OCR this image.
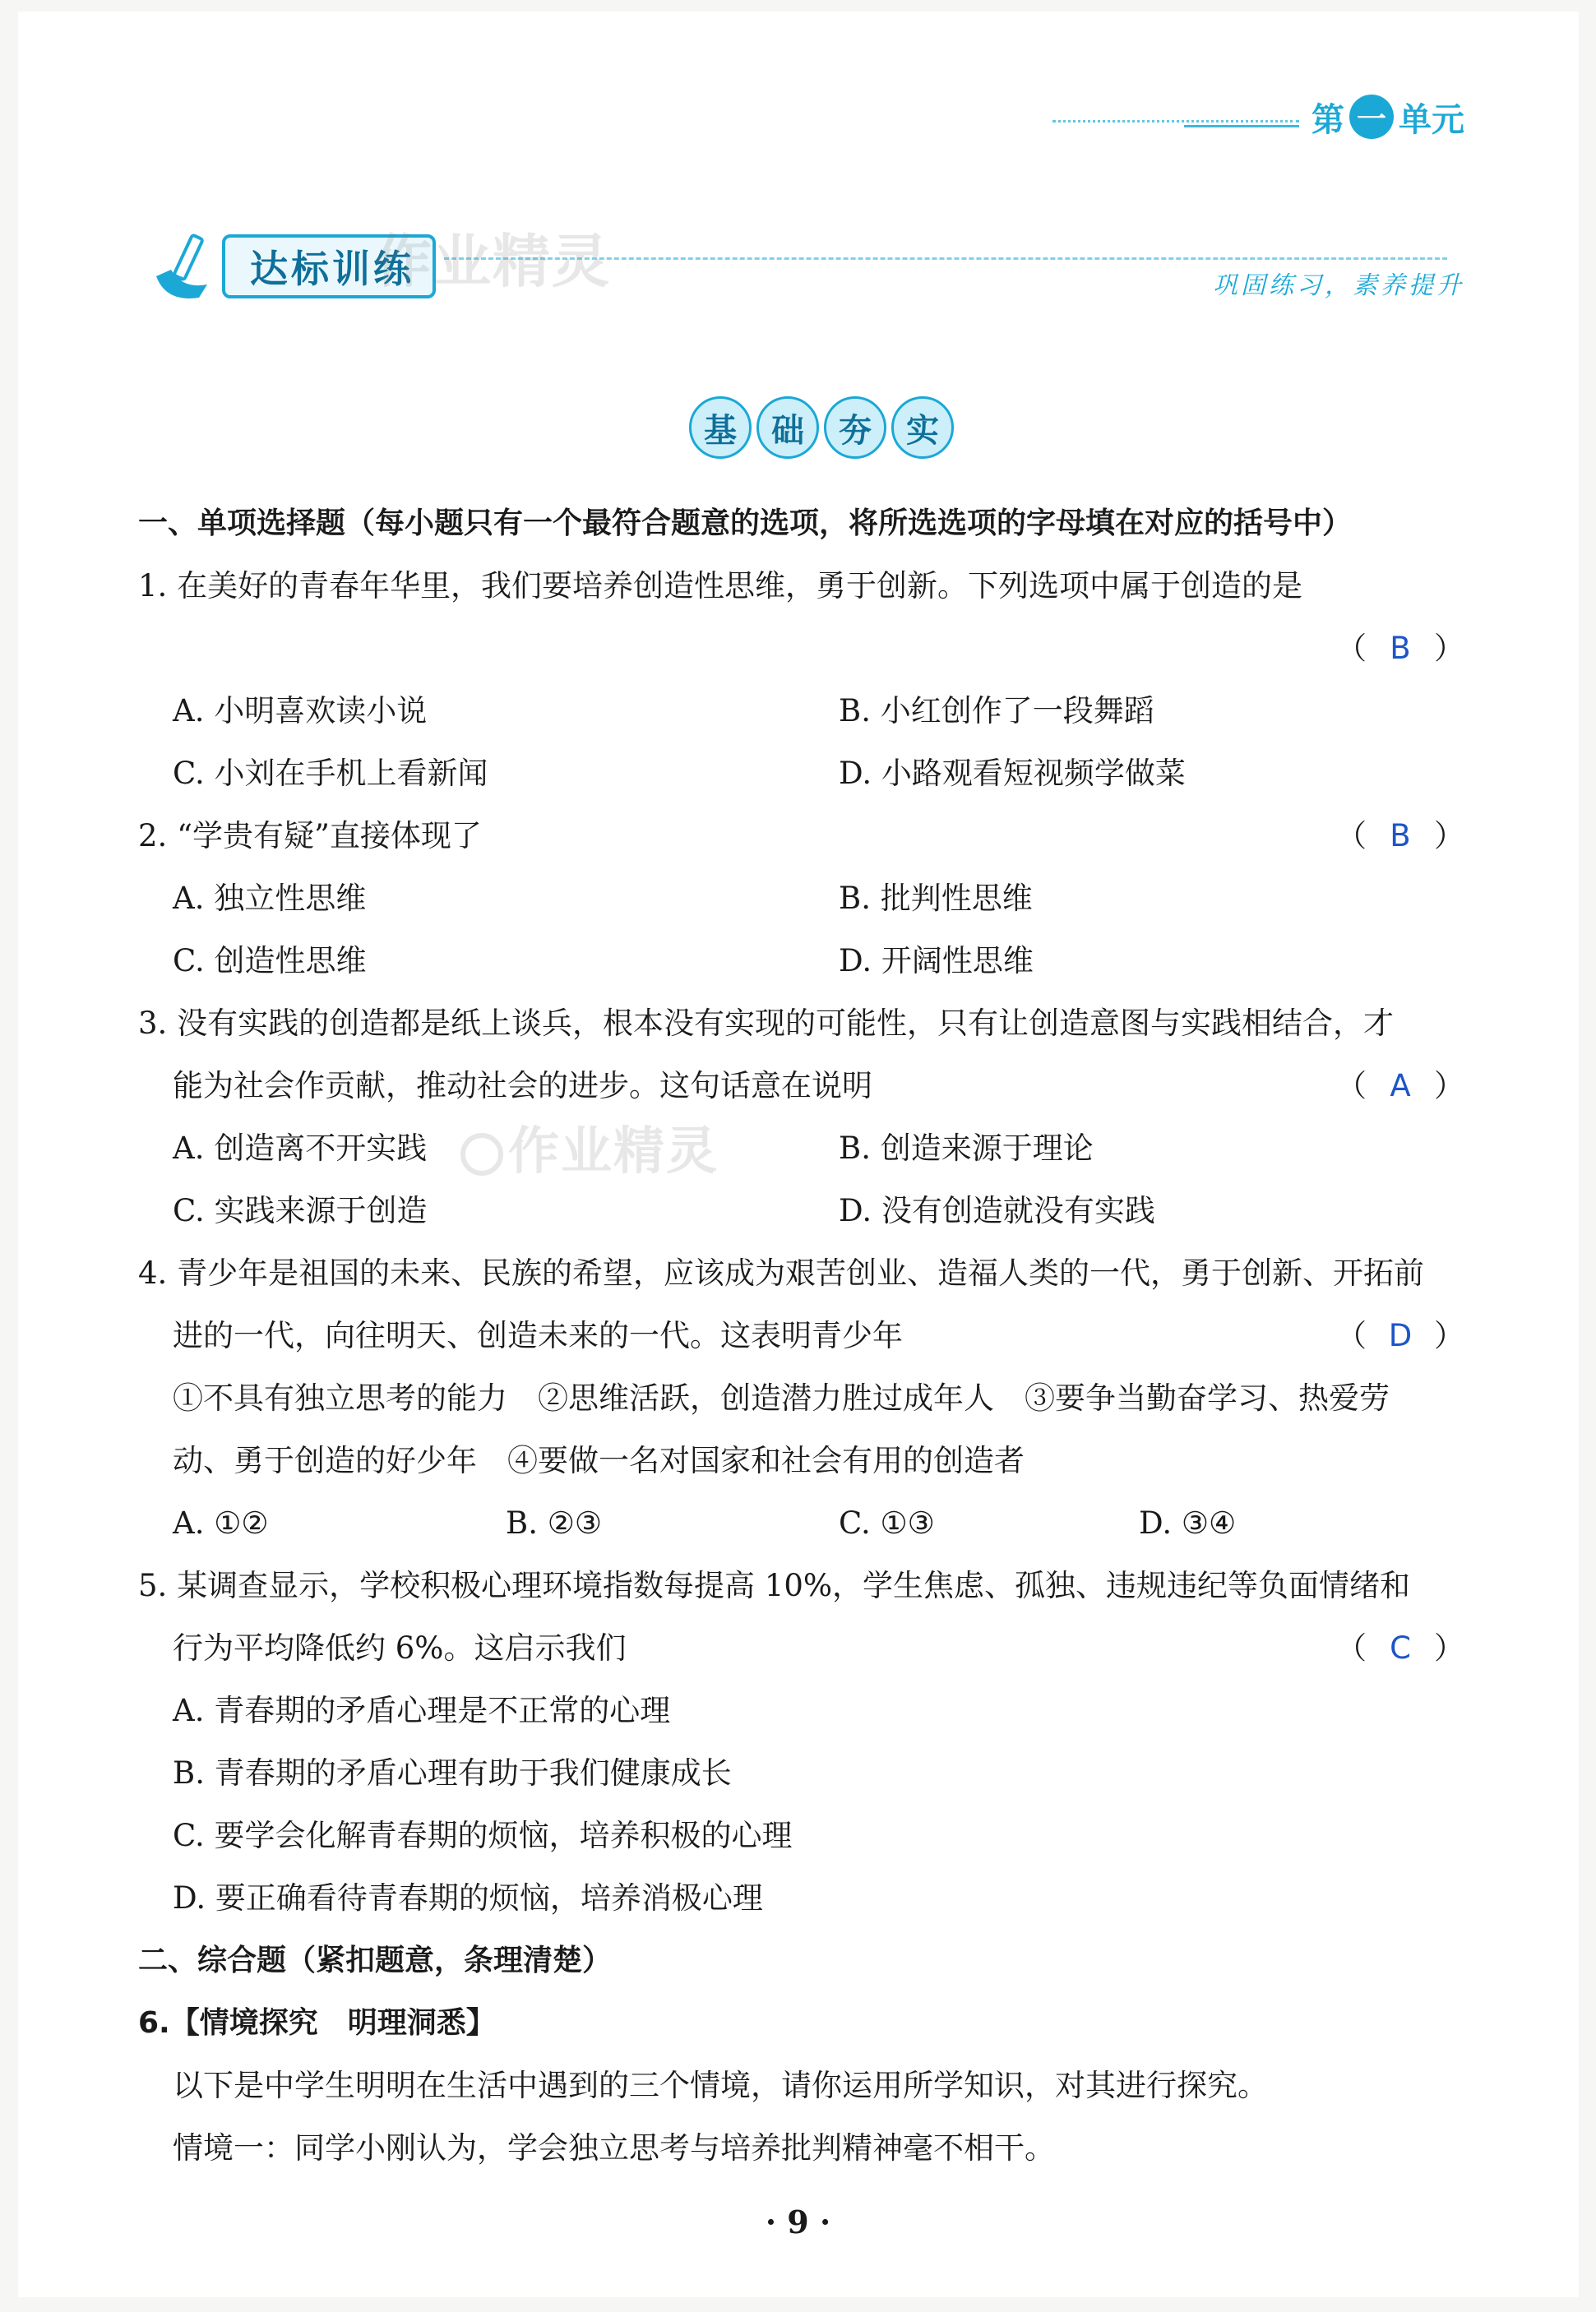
第 一 单元
达标训练	巩固练习，素养提升
作业精灵
作业精灵
基	础	夯	实
一、单项选择题（每小题只有一个最符合题意的选项，将所选选项的字母填在对应的括号中）
1. 在美好的青春年华里，我们要培养创造性思维，勇于创新。下列选项中属于创造的是
（ B ）
A. 小明喜欢读小说	B. 小红创作了一段舞蹈
C. 小刘在手机上看新闻	D. 小路观看短视频学做菜
2. “学贵有疑”直接体现了	（ B ）
A. 独立性思维	B. 批判性思维
C. 创造性思维	D. 开阔性思维
3. 没有实践的创造都是纸上谈兵，根本没有实现的可能性，只有让创造意图与实践相结合，才
能为社会作贡献，推动社会的进步。这句话意在说明	（ A ）
A. 创造离不开实践	B. 创造来源于理论
C. 实践来源于创造	D. 没有创造就没有实践
4. 青少年是祖国的未来、民族的希望，应该成为艰苦创业、造福人类的一代，勇于创新、开拓前
进的一代，向往明天、创造未来的一代。这表明青少年	（ D ）
①不具有独立思考的能力　②思维活跃，创造潜力胜过成年人　③要争当勤奋学习、热爱劳
动、勇于创造的好少年　④要做一名对国家和社会有用的创造者
A. ①②	B. ②③	C. ①③	D. ③④
5. 某调查显示，学校积极心理环境指数每提高 10%，学生焦虑、孤独、违规违纪等负面情绪和
行为平均降低约 6%。这启示我们	（ C ）
A. 青春期的矛盾心理是不正常的心理
B. 青春期的矛盾心理有助于我们健康成长
C. 要学会化解青春期的烦恼，培养积极的心理
D. 要正确看待青春期的烦恼，培养消极心理
二、综合题（紧扣题意，条理清楚）
6.【情境探究　明理洞悉】
以下是中学生明明在生活中遇到的三个情境，请你运用所学知识，对其进行探究。
情境一：同学小刚认为，学会独立思考与培养批判精神毫不相干。
· 9 ·
